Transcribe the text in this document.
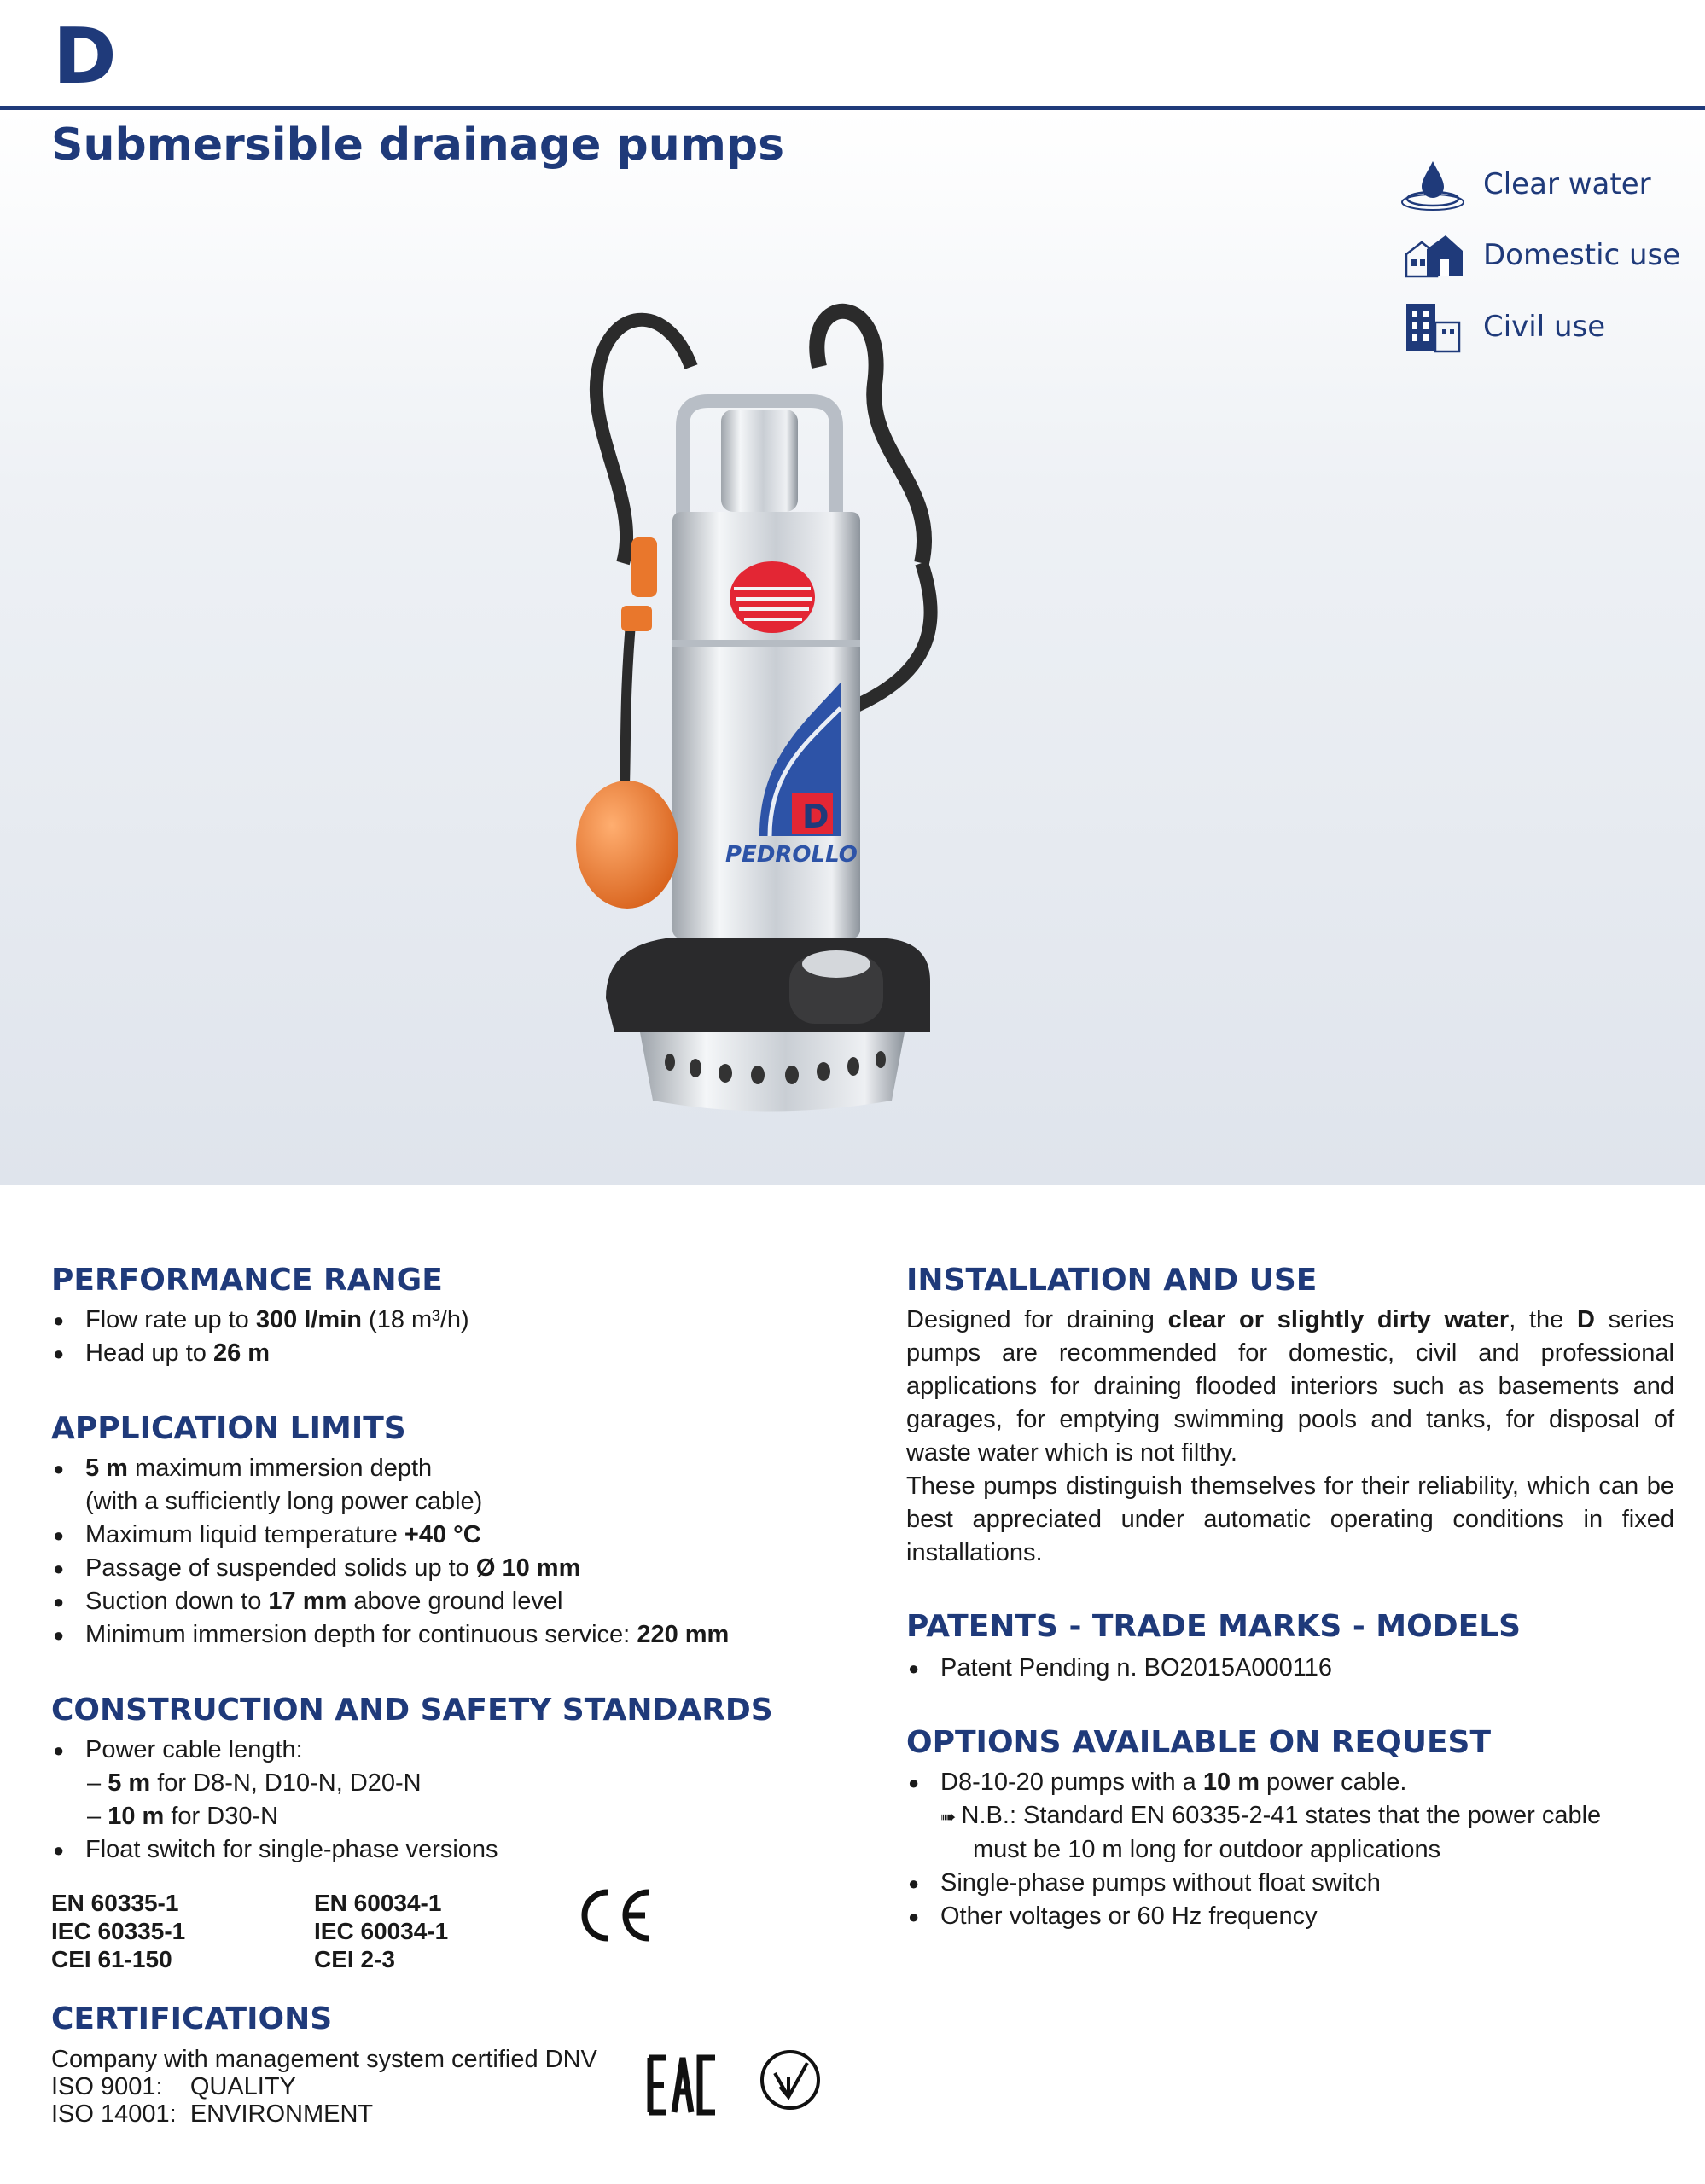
D
Submersible drainage pumps
Clear water
Domestic use
Civil use
D
PEDROLLO
PERFORMANCE RANGE
● Flow rate up to 300 l/min (18 m³/h)
● Head up to 26 m
APPLICATION LIMITS
● 5 m maximum immersion depth
(with a sufficiently long power cable)
● Maximum liquid temperature +40 °C
● Passage of suspended solids up to Ø 10 mm
● Suction down to 17 mm above ground level
● Minimum immersion depth for continuous service: 220 mm
CONSTRUCTION AND SAFETY STANDARDS
● Power cable length:
– 5 m for D8-N, D10-N, D20-N
– 10 m for D30-N
● Float switch for single-phase versions
EN 60335-1
IEC 60335-1
CEI 61-150
EN 60034-1
IEC 60034-1
CEI 2-3
CERTIFICATIONS
Company with management system certified DNV
ISO 9001:    QUALITY
ISO 14001:  ENVIRONMENT
INSTALLATION AND USE
Designed for draining clear or slightly dirty water, the D series pumps are recommended for domestic, civil and professional applications for draining flooded interiors such as basements and garages, for emptying swimming pools and tanks, for disposal of waste water which is not filthy.
These pumps distinguish themselves for their reliability, which can be best appreciated under automatic operating conditions in fixed installations.
PATENTS - TRADE MARKS - MODELS
● Patent Pending n. BO2015A000116
OPTIONS AVAILABLE ON REQUEST
● D8-10-20 pumps with a 10 m power cable.
➠ N.B.: Standard EN 60335-2-41 states that the power cable
must be 10 m long for outdoor applications
● Single-phase pumps without float switch
● Other voltages or 60 Hz frequency
